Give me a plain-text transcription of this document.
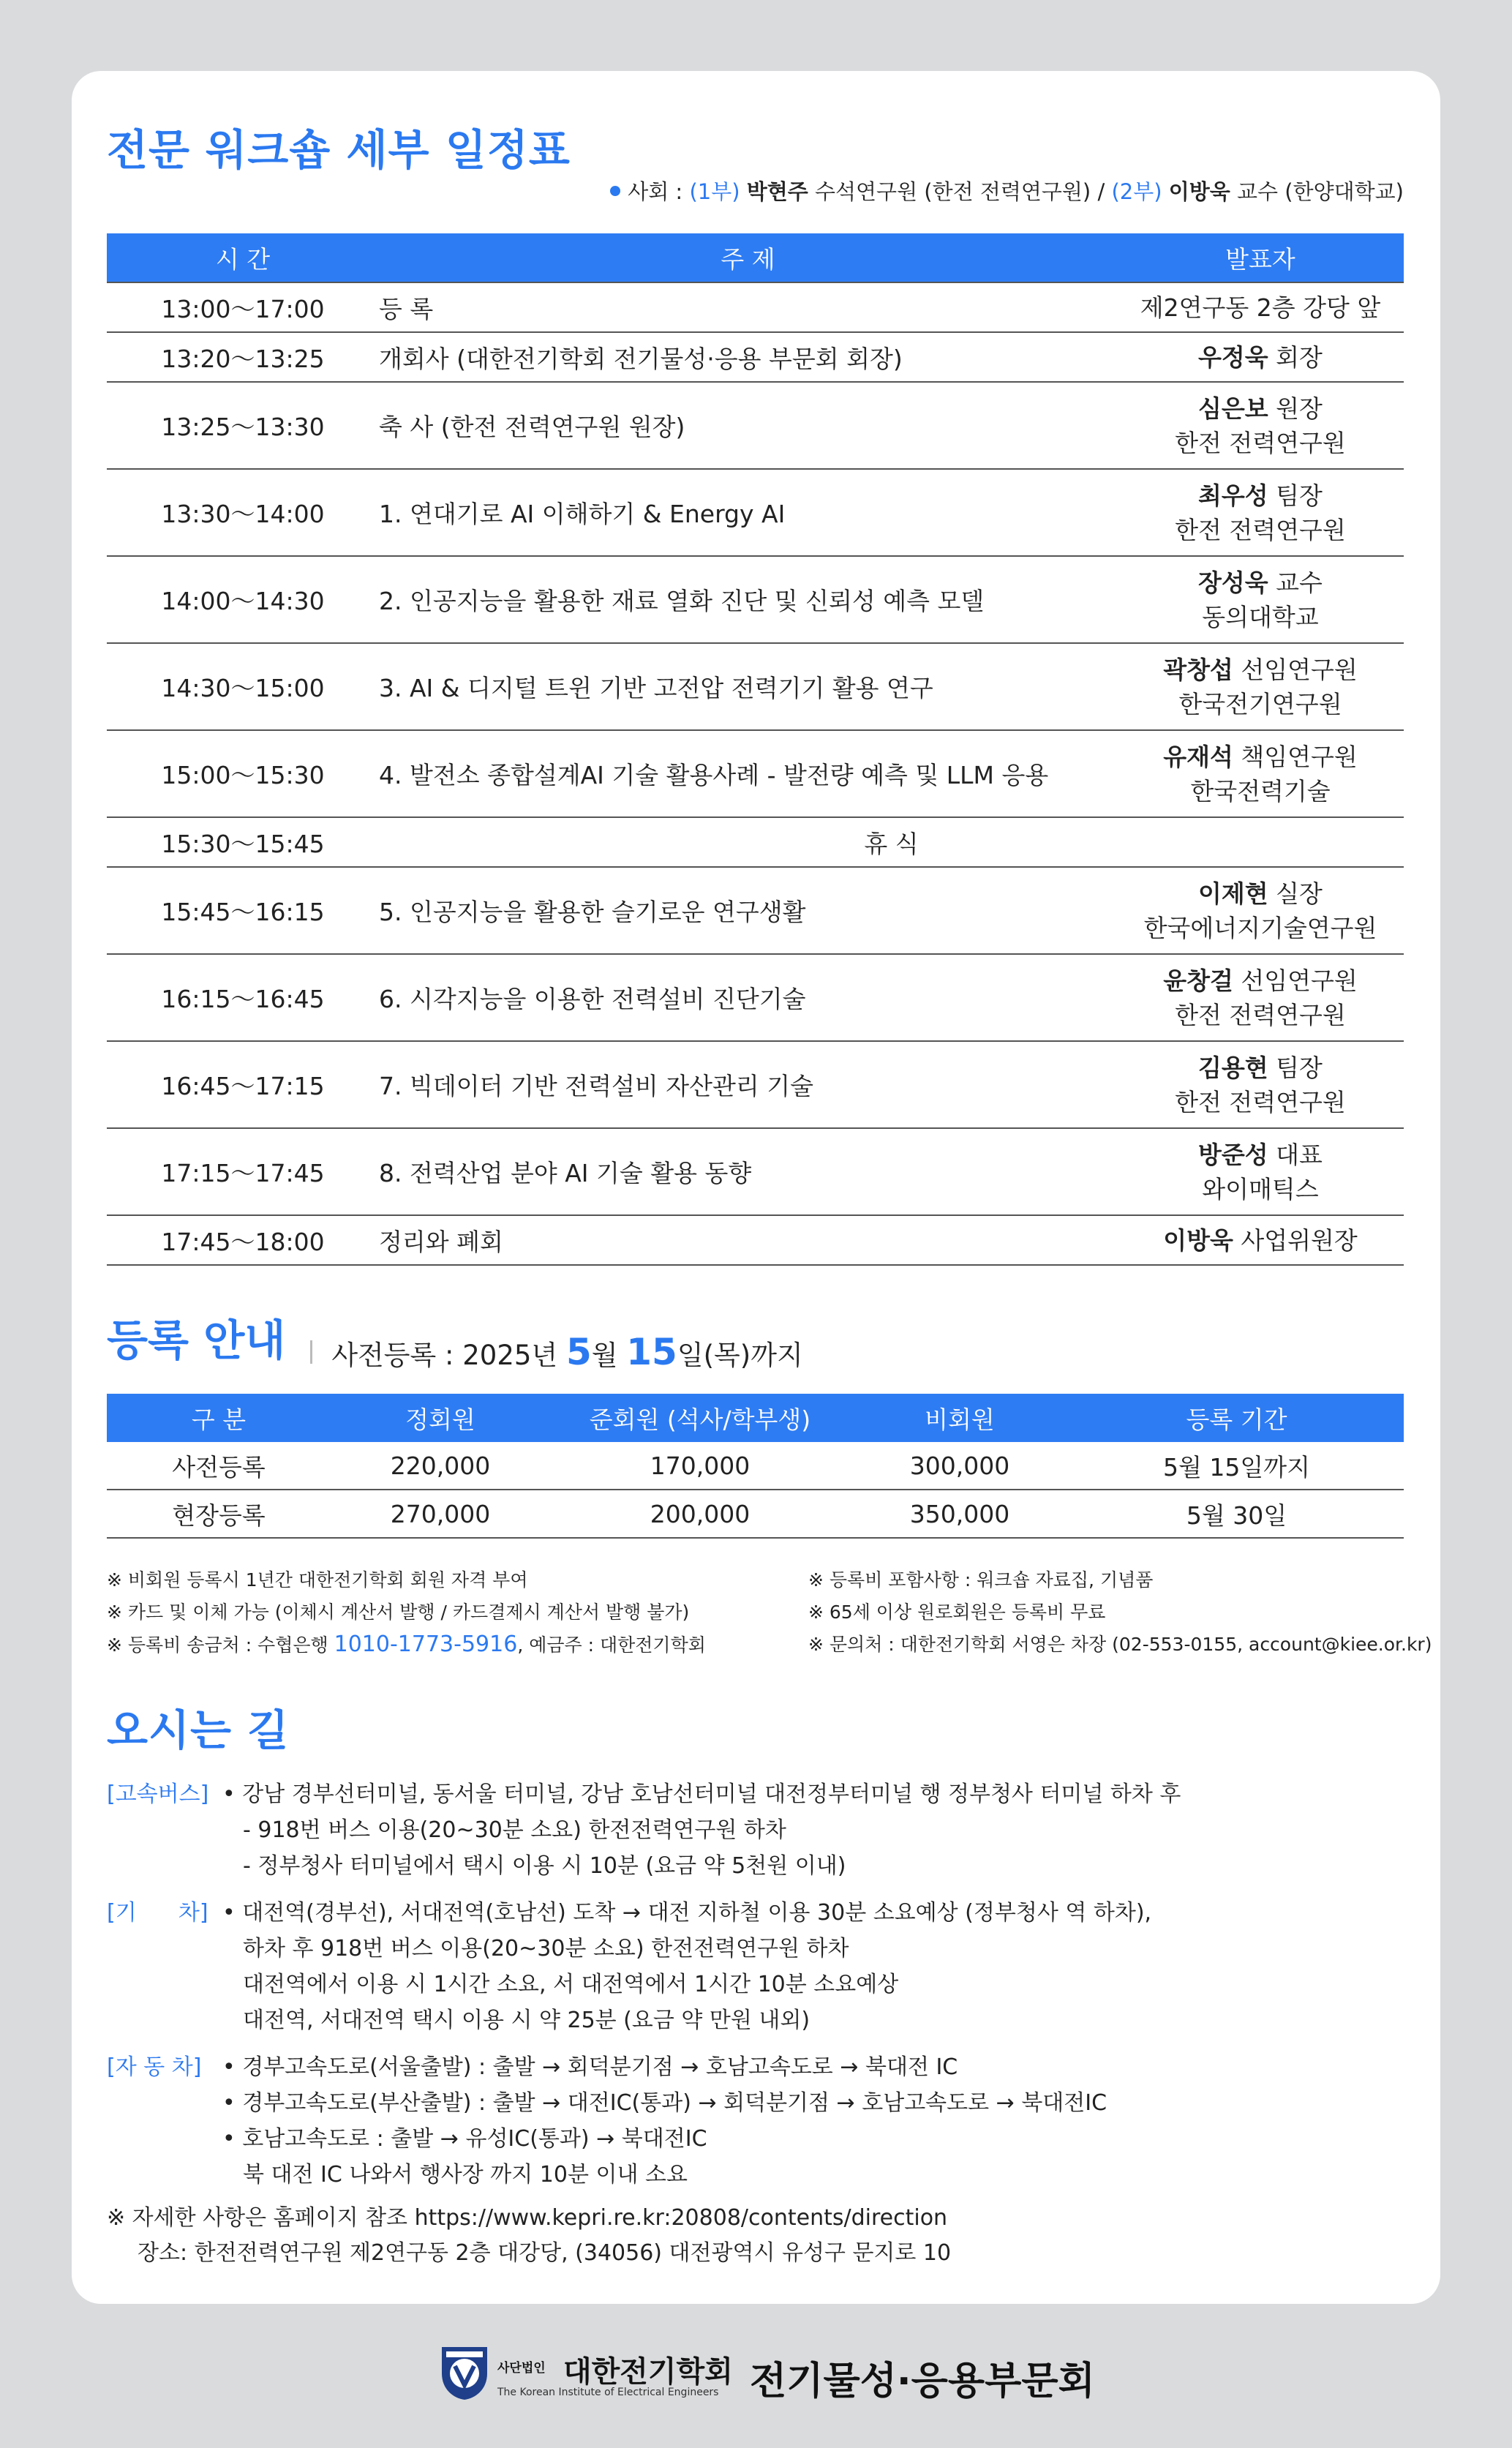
전문 워크숍 세부 일정표
사회 : (1부) 박현주 수석연구원 (한전 전력연구원) / (2부) 이방욱 교수 (한양대학교)
시 간	주 제	발표자
13:00～17:00	등 록	제2연구동 2층 강당 앞
13:20～13:25	개회사 (대한전기학회 전기물성·응용 부문회 회장)	우정욱 회장

13:25～13:30	축 사 (한전 전력연구원 원장)	심은보 원장
한전 전력연구원

13:30～14:00	1. 연대기로 AI 이해하기 & Energy AI	최우성 팀장
한전 전력연구원

14:00～14:30	2. 인공지능을 활용한 재료 열화 진단 및 신뢰성 예측 모델	장성욱 교수
동의대학교

14:30～15:00	3. AI & 디지털 트윈 기반 고전압 전력기기 활용 연구	곽창섭 선임연구원
한국전기연구원

15:00～15:30	4. 발전소 종합설계AI 기술 활용사례 - 발전량 예측 및 LLM 응용	유재석 책임연구원
한국전력기술

15:30～15:45	휴 식	
15:45～16:15	5. 인공지능을 활용한 슬기로운 연구생활	이제현 실장
한국에너지기술연구원

16:15～16:45	6. 시각지능을 이용한 전력설비 진단기술	윤창걸 선임연구원
한전 전력연구원

16:45～17:15	7. 빅데이터 기반 전력설비 자산관리 기술	김용현 팀장
한전 전력연구원

17:15～17:45	8. 전력산업 분야 AI 기술 활용 동향	방준성 대표
와이매틱스

17:45～18:00	정리와 폐회	이방욱 사업위원장
등록 안내 사전등록 : 2025년 5월 15일(목)까지
구 분	정회원	준회원 (석사/학부생)	비회원	등록 기간
사전등록	220,000	170,000	300,000	5월 15일까지
현장등록	270,000	200,000	350,000	5월 30일
※ 비회원 등록시 1년간 대한전기학회 회원 자격 부여
※ 카드 및 이체 가능 (이체시 계산서 발행 / 카드결제시 계산서 발행 불가)
※ 등록비 송금처 : 수협은행 1010-1773-5916, 예금주 : 대한전기학회
※ 등록비 포함사항 : 워크숍 자료집, 기념품
※ 65세 이상 원로회원은 등록비 무료
※ 문의처 : 대한전기학회 서영은 차장 (02-553-0155, account@kiee.or.kr)
오시는 길
[고속버스] • 강남 경부선터미널, 동서울 터미널, 강남 호남선터미널 대전정부터미널 행 정부청사 터미널 하차 후
- 918번 버스 이용(20~30분 소요) 한전전력연구원 하차
- 정부청사 터미널에서 택시 이용 시 10분 (요금 약 5천원 이내)
[기      차] • 대전역(경부선), 서대전역(호남선) 도착 → 대전 지하철 이용 30분 소요예상 (정부청사 역 하차),
하차 후 918번 버스 이용(20~30분 소요) 한전전력연구원 하차
대전역에서 이용 시 1시간 소요, 서 대전역에서 1시간 10분 소요예상
대전역, 서대전역 택시 이용 시 약 25분 (요금 약 만원 내외)
[자 동 차] • 경부고속도로(서울출발) : 출발 → 회덕분기점 → 호남고속도로 → 북대전 IC
• 경부고속도로(부산출발) : 출발 → 대전IC(통과) → 회덕분기점 → 호남고속도로 → 북대전IC
• 호남고속도로 : 출발 → 유성IC(통과) → 북대전IC
북 대전 IC 나와서 행사장 까지 10분 이내 소요
※ 자세한 사항은 홈페이지 참조 https://www.kepri.re.kr:20808/contents/direction
장소: 한전전력연구원 제2연구동 2층 대강당, (34056) 대전광역시 유성구 문지로 10
사단법인 대한전기학회
The Korean Institute of Electrical Engineers 전기물성·응용부문회
